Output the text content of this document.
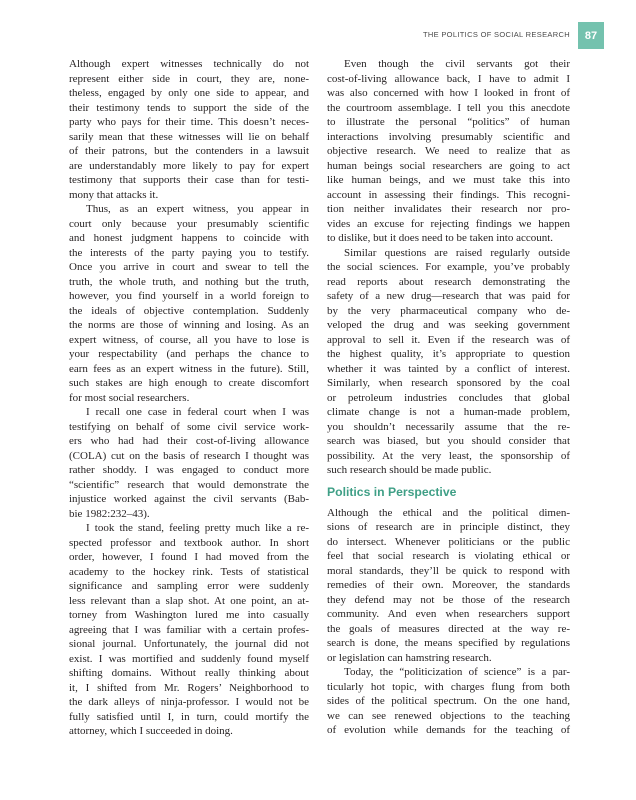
THE POLITICS OF SOCIAL RESEARCH	87
Although expert witnesses technically do not
represent either side in court, they are, none-
theless, engaged by only one side to appear, and
their testimony tends to support the side of the
party who pays for their time. This doesn’t neces-
sarily mean that these witnesses will lie on behalf
of their patrons, but the contenders in a lawsuit
are understandably more likely to pay for expert
testimony that supports their case than for testi-
mony that attacks it.
Thus, as an expert witness, you appear in
court only because your presumably scientific
and honest judgment happens to coincide with
the interests of the party paying you to testify.
Once you arrive in court and swear to tell the
truth, the whole truth, and nothing but the truth,
however, you find yourself in a world foreign to
the ideals of objective contemplation. Suddenly
the norms are those of winning and losing. As an
expert witness, of course, all you have to lose is
your respectability (and perhaps the chance to
earn fees as an expert witness in the future). Still,
such stakes are high enough to create discomfort
for most social researchers.
I recall one case in federal court when I was
testifying on behalf of some civil service work-
ers who had had their cost-of-living allowance
(COLA) cut on the basis of research I thought was
rather shoddy. I was engaged to conduct more
“scientific” research that would demonstrate the
injustice worked against the civil servants (Bab-
bie 1982:232–43).
I took the stand, feeling pretty much like a re-
spected professor and textbook author. In short
order, however, I found I had moved from the
academy to the hockey rink. Tests of statistical
significance and sampling error were suddenly
less relevant than a slap shot. At one point, an at-
torney from Washington lured me into casually
agreeing that I was familiar with a certain profes-
sional journal. Unfortunately, the journal did not
exist. I was mortified and suddenly found myself
shifting domains. Without really thinking about
it, I shifted from Mr. Rogers’ Neighborhood to
the dark alleys of ninja-professor. I would not be
fully satisfied until I, in turn, could mortify the
attorney, which I succeeded in doing.
Even though the civil servants got their
cost-of-living allowance back, I have to admit I
was also concerned with how I looked in front of
the courtroom assemblage. I tell you this anecdote
to illustrate the personal “politics” of human
interactions involving presumably scientific and
objective research. We need to realize that as
human beings social researchers are going to act
like human beings, and we must take this into
account in assessing their findings. This recogni-
tion neither invalidates their research nor pro-
vides an excuse for rejecting findings we happen
to dislike, but it does need to be taken into account.
Similar questions are raised regularly outside
the social sciences. For example, you’ve probably
read reports about research demonstrating the
safety of a new drug—research that was paid for
by the very pharmaceutical company who de-
veloped the drug and was seeking government
approval to sell it. Even if the research was of
the highest quality, it’s appropriate to question
whether it was tainted by a conflict of interest.
Similarly, when research sponsored by the coal
or petroleum industries concludes that global
climate change is not a human-made problem,
you shouldn’t necessarily assume that the re-
search was biased, but you should consider that
possibility. At the very least, the sponsorship of
such research should be made public.
Politics in Perspective
Although the ethical and the political dimen-
sions of research are in principle distinct, they
do intersect. Whenever politicians or the public
feel that social research is violating ethical or
moral standards, they’ll be quick to respond with
remedies of their own. Moreover, the standards
they defend may not be those of the research
community. And even when researchers support
the goals of measures directed at the way re-
search is done, the means specified by regulations
or legislation can hamstring research.
Today, the “politicization of science” is a par-
ticularly hot topic, with charges flung from both
sides of the political spectrum. On the one hand,
we can see renewed objections to the teaching
of evolution while demands for the teaching of
